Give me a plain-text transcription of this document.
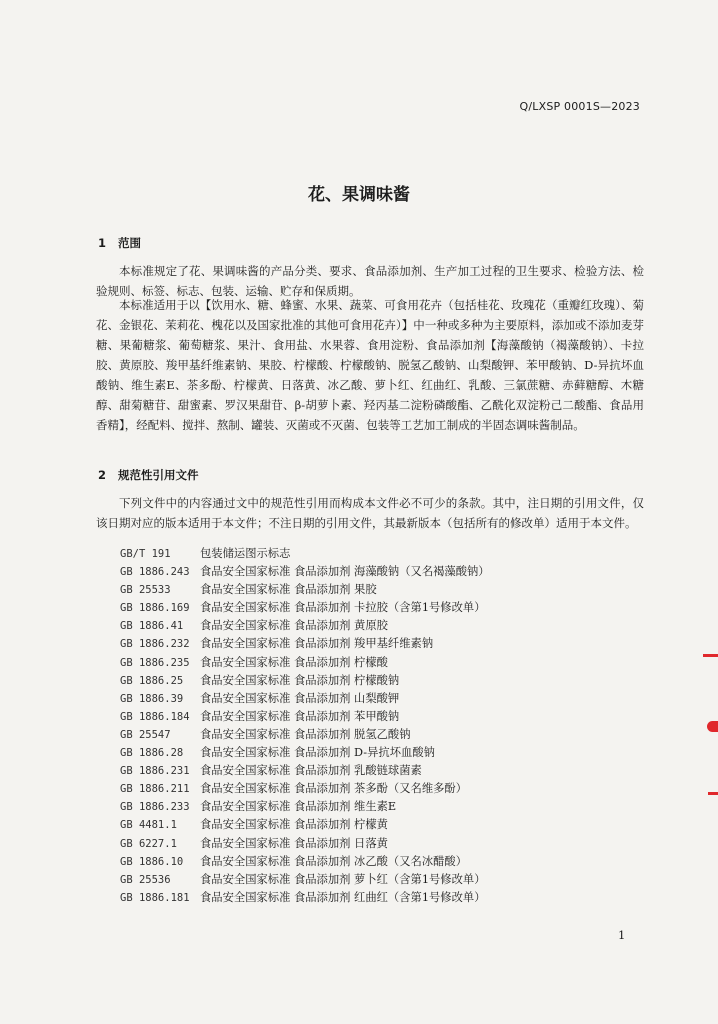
Q/LXSP 0001S—2023
花、果调味酱
1 范围

本标准规定了花、果调味酱的产品分类、要求、食品添加剂、生产加工过程的卫生要求、检验方法、检验规则、标签、标志、包装、运输、贮存和保质期。

本标准适用于以【饮用水、糖、蜂蜜、水果、蔬菜、可食用花卉（包括桂花、玫瑰花（重瓣红玫瑰）、菊花、金银花、茉莉花、槐花以及国家批准的其他可食用花卉）】中一种或多种为主要原料，添加或不添加麦芽糖、果葡糖浆、葡萄糖浆、果汁、食用盐、水果蓉、食用淀粉、食品添加剂【海藻酸钠（褐藻酸钠）、卡拉胶、黄原胶、羧甲基纤维素钠、果胶、柠檬酸、柠檬酸钠、脱氢乙酸钠、山梨酸钾、苯甲酸钠、D-异抗坏血酸钠、维生素E、茶多酚、柠檬黄、日落黄、冰乙酸、萝卜红、红曲红、乳酸、三氯蔗糖、赤藓糖醇、木糖醇、甜菊糖苷、甜蜜素、罗汉果甜苷、β-胡萝卜素、羟丙基二淀粉磷酸酯、乙酰化双淀粉己二酸酯、食品用香精】，经配料、搅拌、熬制、罐装、灭菌或不灭菌、包装等工艺加工制成的半固态调味酱制品。

2 规范性引用文件

下列文件中的内容通过文中的规范性引用而构成本文件必不可少的条款。其中，注日期的引用文件，仅该日期对应的版本适用于本文件；不注日期的引用文件，其最新版本（包括所有的修改单）适用于本文件。

GB/T 191	包装储运图示标志
GB 1886.243 食品安全国家标准 食品添加剂 海藻酸钠（又名褐藻酸钠）
GB 25533	食品安全国家标准 食品添加剂 果胶
GB 1886.169 食品安全国家标准 食品添加剂 卡拉胶（含第1号修改单）
GB 1886.41 食品安全国家标准 食品添加剂 黄原胶
GB 1886.232 食品安全国家标准 食品添加剂 羧甲基纤维素钠
GB 1886.235 食品安全国家标准 食品添加剂 柠檬酸
GB 1886.25 食品安全国家标准 食品添加剂 柠檬酸钠
GB 1886.39 食品安全国家标准 食品添加剂 山梨酸钾
GB 1886.184 食品安全国家标准 食品添加剂 苯甲酸钠
GB 25547	食品安全国家标准 食品添加剂 脱氢乙酸钠
GB 1886.28 食品安全国家标准 食品添加剂 D-异抗坏血酸钠
GB 1886.231 食品安全国家标准 食品添加剂 乳酸链球菌素
GB 1886.211 食品安全国家标准 食品添加剂 茶多酚（又名维多酚）
GB 1886.233 食品安全国家标准 食品添加剂 维生素E
GB 4481.1 食品安全国家标准 食品添加剂 柠檬黄
GB 6227.1 食品安全国家标准 食品添加剂 日落黄
GB 1886.10 食品安全国家标准 食品添加剂 冰乙酸（又名冰醋酸）
GB 25536	食品安全国家标准 食品添加剂 萝卜红（含第1号修改单）
GB 1886.181 食品安全国家标准 食品添加剂 红曲红（含第1号修改单）
1
